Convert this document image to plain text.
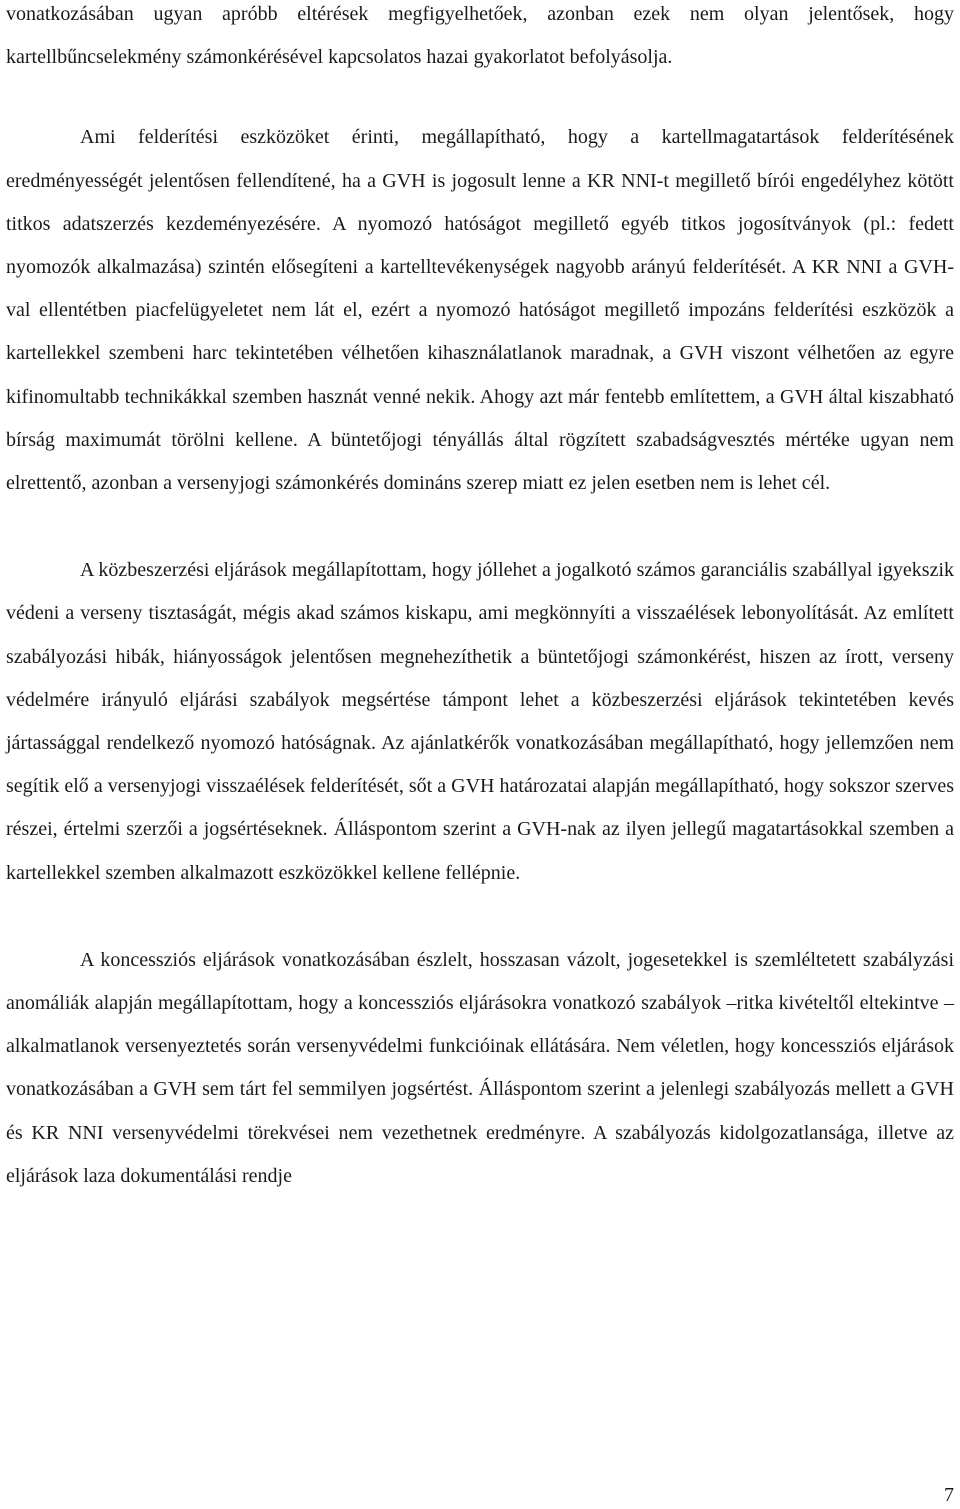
vonatkozásában ugyan apróbb eltérések megfigyelhetőek, azonban ezek nem olyan jelentősek, hogy kartellbűncselekmény számonkérésével kapcsolatos hazai gyakorlatot befolyásolja.

Ami felderítési eszközöket érinti, megállapítható, hogy a kartellmagatartások felderítésének eredményességét jelentősen fellendítené, ha a GVH is jogosult lenne a KR NNI-t megillető bírói engedélyhez kötött titkos adatszerzés kezdeményezésére. A nyomozó hatóságot megillető egyéb titkos jogosítványok (pl.: fedett nyomozók alkalmazása) szintén elősegíteni a kartelltevékenységek nagyobb arányú felderítését. A KR NNI a GVH-val ellentétben piacfelügyeletet nem lát el, ezért a nyomozó hatóságot megillető impozáns felderítési eszközök a kartellekkel szembeni harc tekintetében vélhetően kihasználatlanok maradnak, a GVH viszont vélhetően az egyre kifinomultabb technikákkal szemben hasznát venné nekik. Ahogy azt már fentebb említettem, a GVH által kiszabható bírság maximumát törölni kellene. A büntetőjogi tényállás által rögzített szabadságvesztés mértéke ugyan nem elrettentő, azonban a versenyjogi számonkérés domináns szerep miatt ez jelen esetben nem is lehet cél.

A közbeszerzési eljárások megállapítottam, hogy jóllehet a jogalkotó számos garanciális szabállyal igyekszik védeni a verseny tisztaságát, mégis akad számos kiskapu, ami megkönnyíti a visszaélések lebonyolítását. Az említett szabályozási hibák, hiányosságok jelentősen megnehezíthetik a büntetőjogi számonkérést, hiszen az írott, verseny védelmére irányuló eljárási szabályok megsértése támpont lehet a közbeszerzési eljárások tekintetében kevés jártassággal rendelkező nyomozó hatóságnak. Az ajánlatkérők vonatkozásában megállapítható, hogy jellemzően nem segítik elő a versenyjogi visszaélések felderítését, sőt a GVH határozatai alapján megállapítható, hogy sokszor szerves részei, értelmi szerzői a jogsértéseknek. Álláspontom szerint a GVH-nak az ilyen jellegű magatartásokkal szemben a kartellekkel szemben alkalmazott eszközökkel kellene fellépnie.

A koncessziós eljárások vonatkozásában észlelt, hosszasan vázolt, jogesetekkel is szemléltetett szabályzási anomáliák alapján megállapítottam, hogy a koncessziós eljárásokra vonatkozó szabályok –ritka kivételtől eltekintve –alkalmatlanok versenyeztetés során versenyvédelmi funkcióinak ellátására. Nem véletlen, hogy koncessziós eljárások vonatkozásában a GVH sem tárt fel semmilyen jogsértést. Álláspontom szerint a jelenlegi szabályozás mellett a GVH és KR NNI versenyvédelmi törekvései nem vezethetnek eredményre. A szabályozás kidolgozatlansága, illetve az eljárások laza dokumentálási rendje

7
